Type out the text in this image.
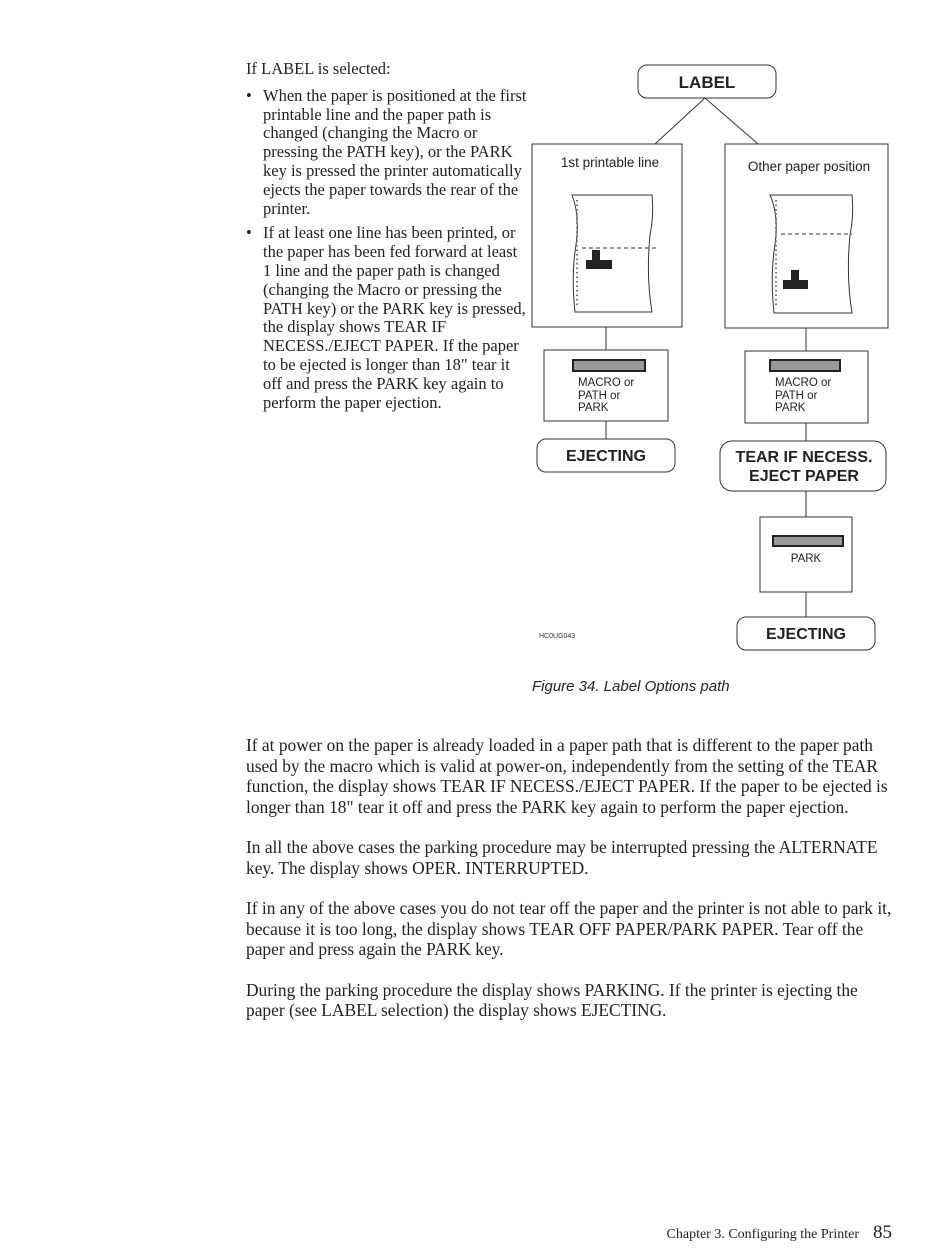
If LABEL is selected:

• When the paper is positioned at the first printable line and the paper path is changed (changing the Macro or pressing the PATH key), or the PARK key is pressed the printer automatically ejects the paper towards the rear of the printer.
• If at least one line has been printed, or the paper has been fed forward at least 1 line and the paper path is changed (changing the Macro or pressing the PATH key) or the PARK key is pressed, the display shows TEAR IF NECESS./EJECT PAPER. If the paper to be ejected is longer than 18" tear it off and press the PARK key again to perform the paper ejection.
LABEL
1st printable line	Other paper position
MACRO or PATH or PARK
MACRO or PATH or PARK
EJECTING	TEAR IF NECESS.
EJECT PAPER
PARK
EJECTING
HC0UG043
Figure 34. Label Options path

If at power on the paper is already loaded in a paper path that is different to the paper path used by the macro which is valid at power-on, independently from the setting of the TEAR function, the display shows TEAR IF NECESS./EJECT PAPER. If the paper to be ejected is longer than 18" tear it off and press the PARK key again to perform the paper ejection.

In all the above cases the parking procedure may be interrupted pressing the ALTERNATE key. The display shows OPER. INTERRUPTED.

If in any of the above cases you do not tear off the paper and the printer is not able to park it, because it is too long, the display shows TEAR OFF PAPER/PARK PAPER. Tear off the paper and press again the PARK key.

During the parking procedure the display shows PARKING. If the printer is ejecting the paper (see LABEL selection) the display shows EJECTING.

Chapter 3. Configuring the Printer 85
